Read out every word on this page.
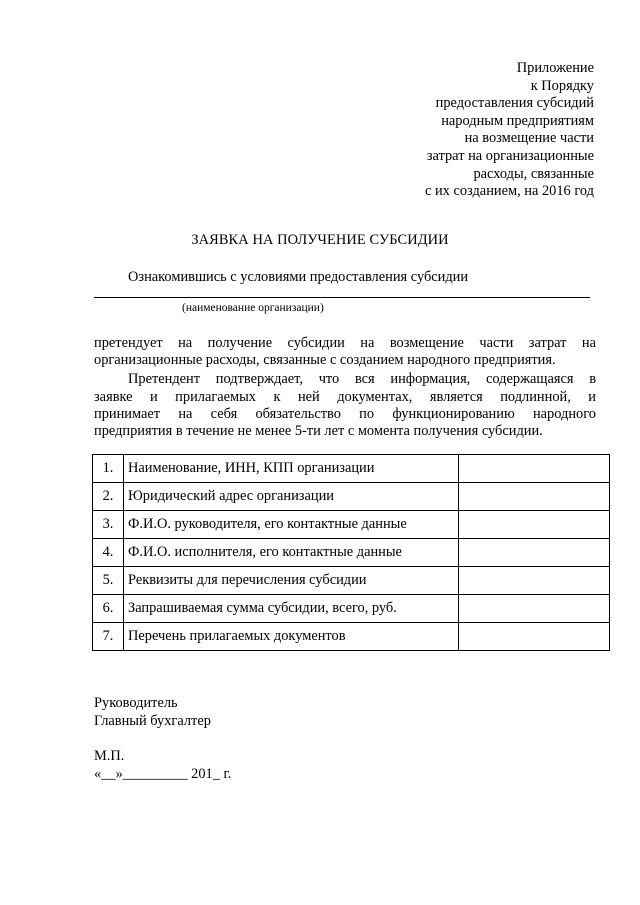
Приложение
к Порядку
предоставления субсидий
народным предприятиям
на возмещение части
затрат на организационные
расходы, связанные
с их созданием, на 2016 год
ЗАЯВКА НА ПОЛУЧЕНИЕ СУБСИДИИ
Ознакомившись с условиями предоставления субсидии
(наименование организации)
претендует на получение субсидии на возмещение части затрат на
организационные расходы, связанные с созданием народного предприятия.
Претендент подтверждает, что вся информация, содержащаяся в
заявке и прилагаемых к ней документах, является подлинной, и
принимает на себя обязательство по функционированию народного
предприятия в течение не менее 5-ти лет с момента получения субсидии.
1.	Наименование, ИНН, КПП организации	
2.	Юридический адрес организации	
3.	Ф.И.О. руководителя, его контактные данные	
4.	Ф.И.О. исполнителя, его контактные данные	
5.	Реквизиты для перечисления субсидии	
6.	Запрашиваемая сумма субсидии, всего, руб.	
7.	Перечень прилагаемых документов	
Руководитель
Главный бухгалтер
М.П.
«__»_________ 201_ г.
